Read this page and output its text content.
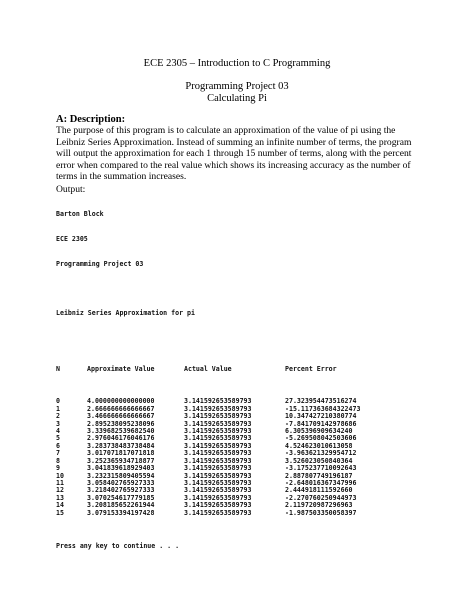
ECE 2305 – Introduction to C Programming
Programming Project 03
Calculating Pi
A: Description:

The purpose of this program is to calculate an approximation of the value of pi using the Leibniz Series Approximation. Instead of summing an infinite number of terms, the program will output the approximation for each 1 through 15 number of terms, along with the percent error when compared to the real value which shows its increasing accuracy as the number of terms in the summation increases.

Output:

Barton Block

ECE 2305

Programming Project 03

Leibniz Series Approximation for pi

N	Approximate Value	Actual Value	Percent Error

0	4.000000000000000	3.141592653589793	27.323954473516274
1	2.666666666666667	3.141592653589793	-15.117363684322473
2	3.466666666666667	3.141592653589793	10.347427210380774
3	2.895238095238096	3.141592653589793	-7.841709142978686
4	3.339682539682540	3.141592653589793	6.305396909634240
5	2.976046176046176	3.141592653589793	-5.269508042503606
6	3.283738483738484	3.141592653589793	4.524623010613058
7	3.017071817071818	3.141592653589793	-3.963621329954712
8	3.252365934718877	3.141592653589793	3.526023050840364
9	3.041839618929403	3.141592653589793	-3.175237710092643
10	3.232315809405594	3.141592653589793	2.887807749196187
11	3.058402765927333	3.141592653589793	-2.648016367347996
12	3.218402765927333	3.141592653589793	2.444918111592660
13	3.070254617779185	3.141592653589793	-2.270760250944973
14	3.208185652261944	3.141592653589793	2.119720987296963
15	3.079153394197428	3.141592653589793	-1.987503350058397

Press any key to continue . . .
